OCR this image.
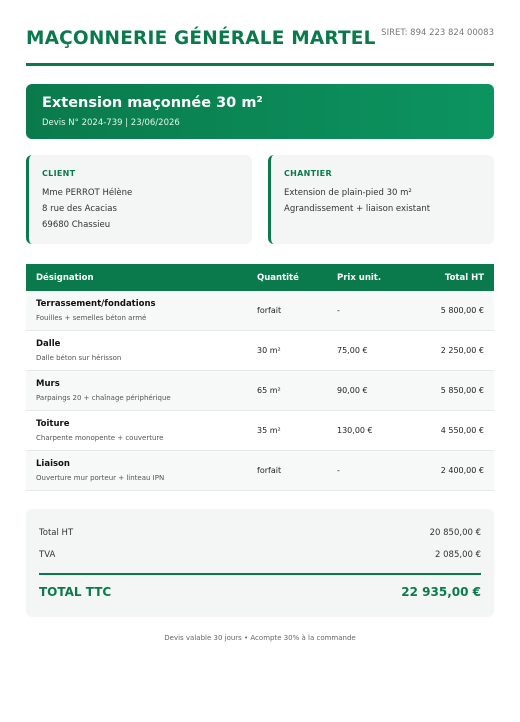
MAÇONNERIE GÉNÉRALE MARTEL SIRET: 894 223 824 00083
Extension maçonnée 30 m²
Devis N° 2024-739 | 23/06/2026
CLIENT
Mme PERROT Hélène
8 rue des Acacias
69680 Chassieu
CHANTIER
Extension de plain-pied 30 m²
Agrandissement + liaison existant
Désignation	Quantité	Prix unit.	Total HT
Terrassement/fondations
Fouilles + semelles béton armé
forfait	-	5 800,00 €
Dalle
Dalle béton sur hérisson
30 m²	75,00 €	2 250,00 €
Murs
Parpaings 20 + chaînage périphérique
65 m²	90,00 €	5 850,00 €
Toiture
Charpente monopente + couverture
35 m²	130,00 €	4 550,00 €
Liaison
Ouverture mur porteur + linteau IPN
forfait	-	2 400,00 €
Total HT	20 850,00 €
TVA	2 085,00 €
TOTAL TTC	22 935,00 €
Devis valable 30 jours • Acompte 30% à la commande
